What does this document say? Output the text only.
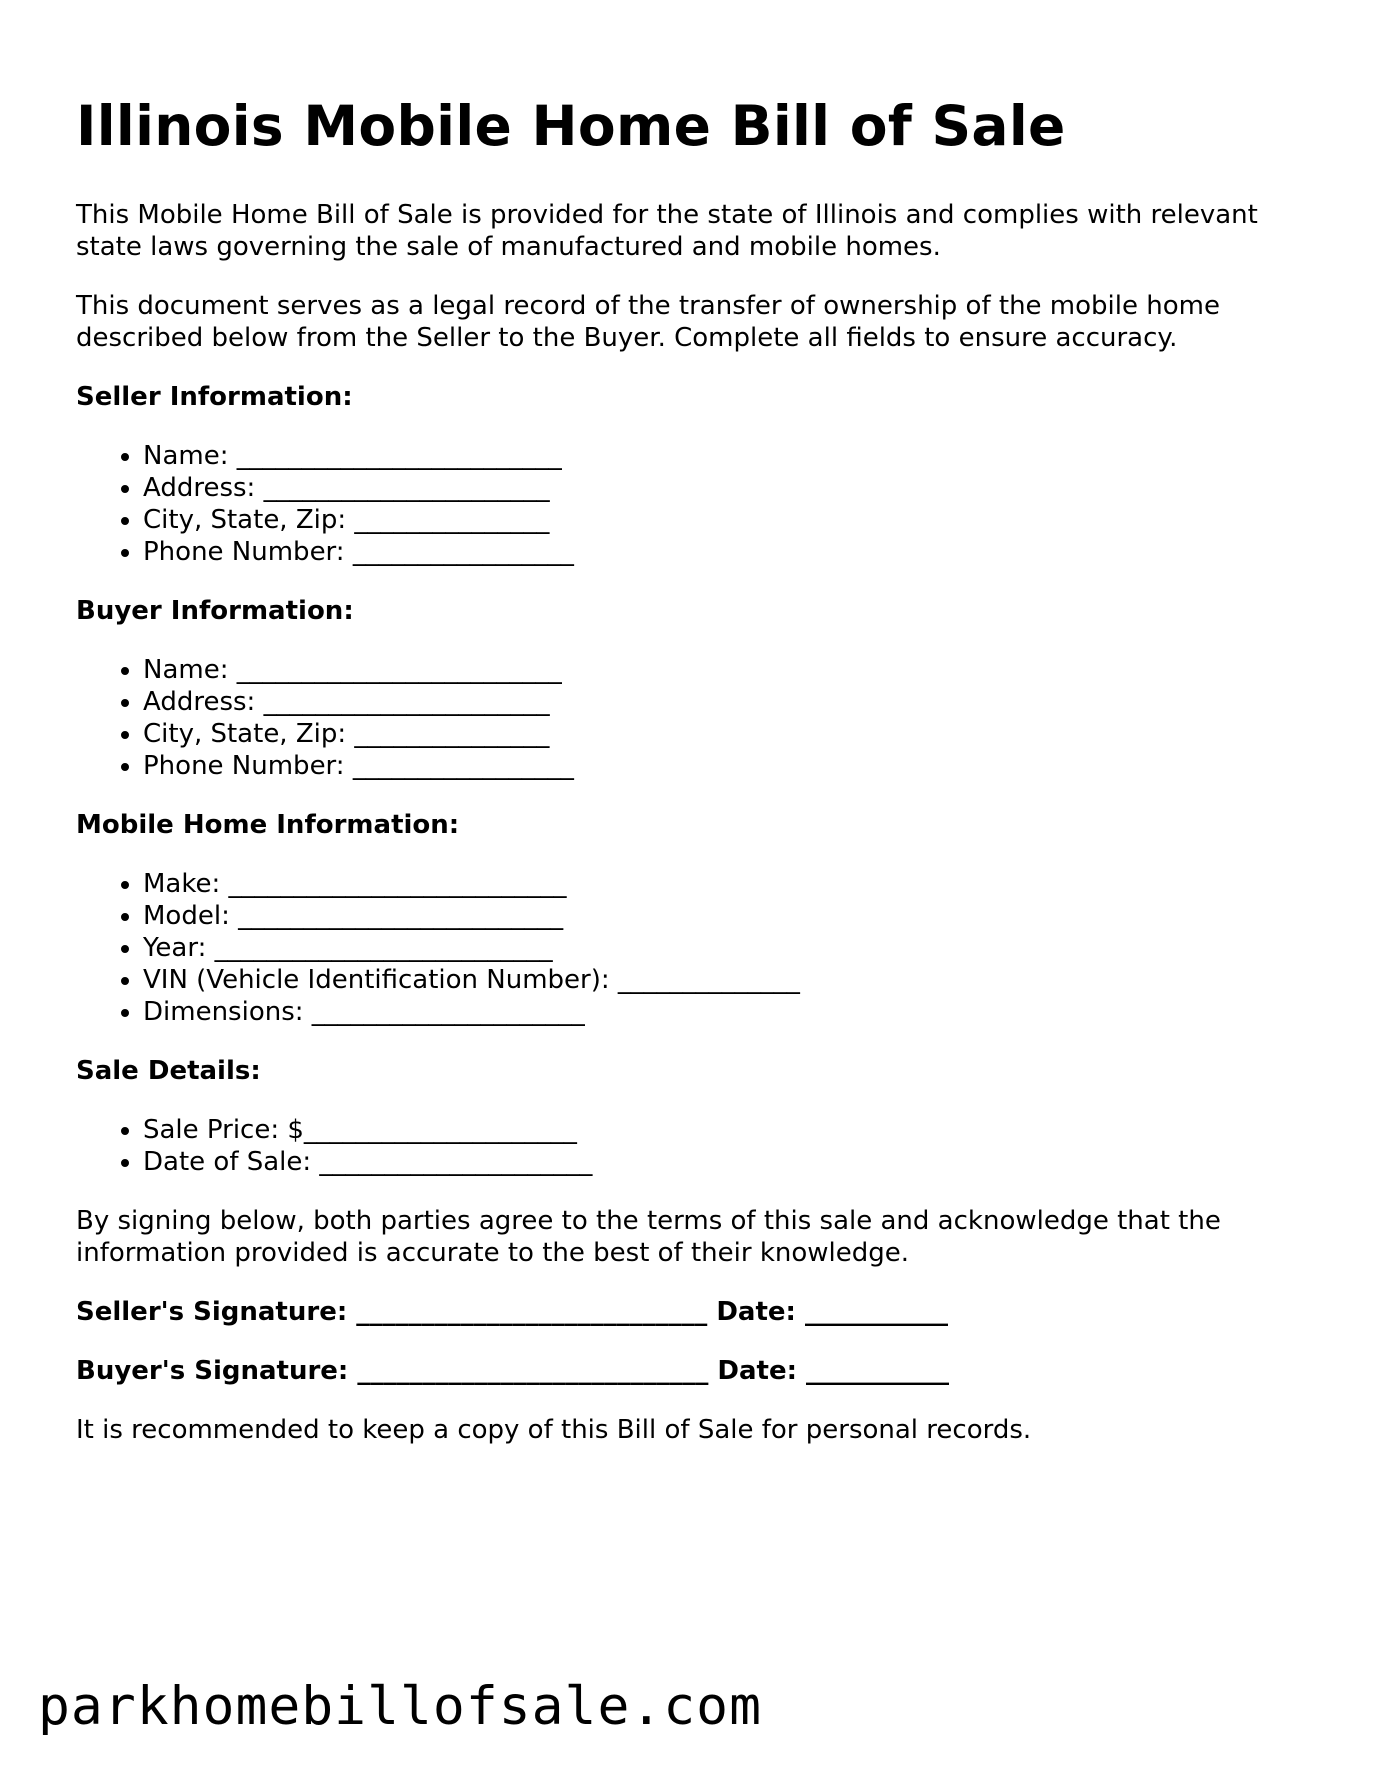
Illinois Mobile Home Bill of Sale

This Mobile Home Bill of Sale is provided for the state of Illinois and complies with relevant state laws governing the sale of manufactured and mobile homes.

This document serves as a legal record of the transfer of ownership of the mobile home described below from the Seller to the Buyer. Complete all fields to ensure accuracy.

Seller Information:

• Name: _________________________
• Address: ______________________
• City, State, Zip: _______________
• Phone Number: _________________

Buyer Information:

• Name: _________________________
• Address: ______________________
• City, State, Zip: _______________
• Phone Number: _________________

Mobile Home Information:

• Make: __________________________
• Model: _________________________
• Year: __________________________
• VIN (Vehicle Identification Number): ______________
• Dimensions: _____________________

Sale Details:

• Sale Price: $_____________________
• Date of Sale: _____________________

By signing below, both parties agree to the terms of this sale and acknowledge that the information provided is accurate to the best of their knowledge.

Seller's Signature: ___________________________ Date: ___________

Buyer's Signature: ___________________________ Date: ___________

It is recommended to keep a copy of this Bill of Sale for personal records.

parkhomebillofsale.com
